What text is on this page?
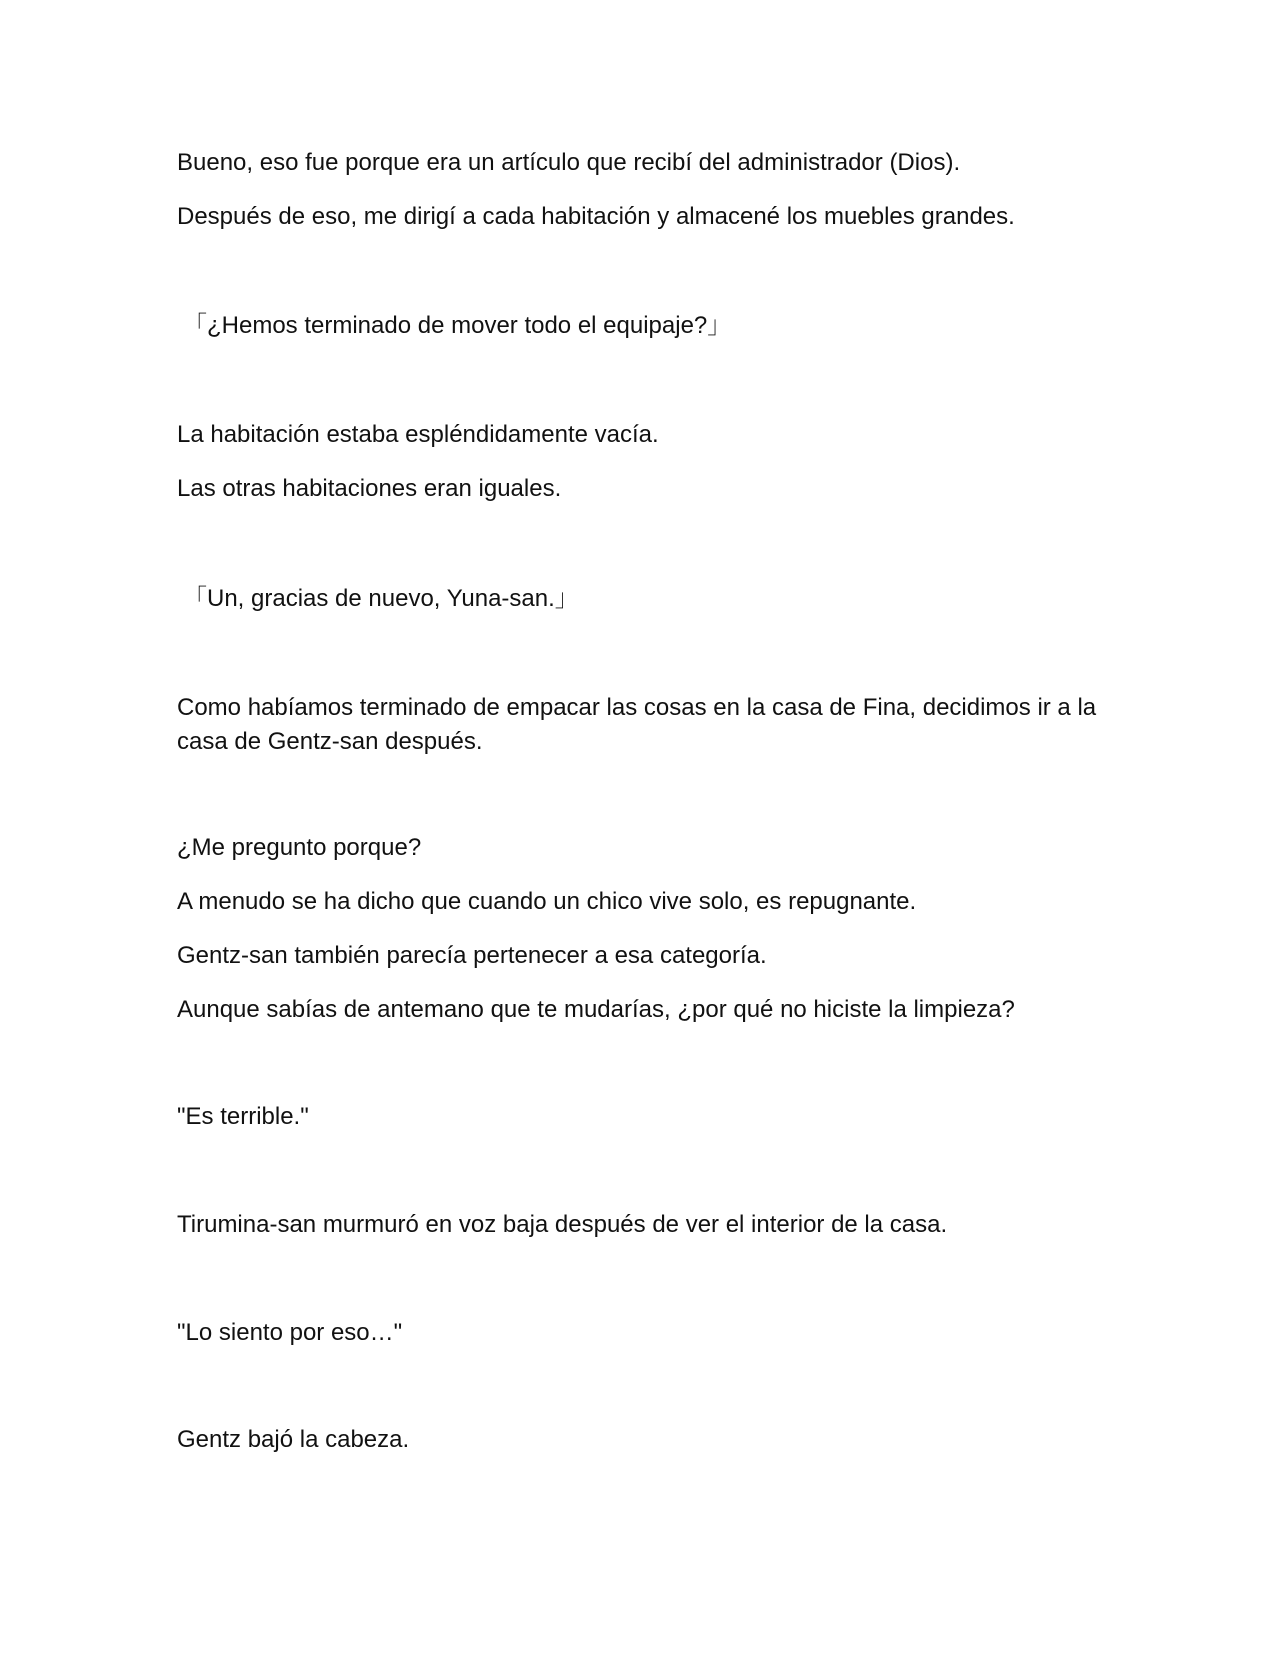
Bueno, eso fue porque era un artículo que recibí del administrador (Dios).

Después de eso, me dirigí a cada habitación y almacené los muebles grandes.

「¿Hemos terminado de mover todo el equipaje?」

La habitación estaba espléndidamente vacía.

Las otras habitaciones eran iguales.

「Un, gracias de nuevo, Yuna-san.」

Como habíamos terminado de empacar las cosas en la casa de Fina, decidimos ir a la casa de Gentz-san después.

¿Me pregunto porque?

A menudo se ha dicho que cuando un chico vive solo, es repugnante.

Gentz-san también parecía pertenecer a esa categoría.

Aunque sabías de antemano que te mudarías, ¿por qué no hiciste la limpieza?

"Es terrible."

Tirumina-san murmuró en voz baja después de ver el interior de la casa.

"Lo siento por eso…"

Gentz bajó la cabeza.
